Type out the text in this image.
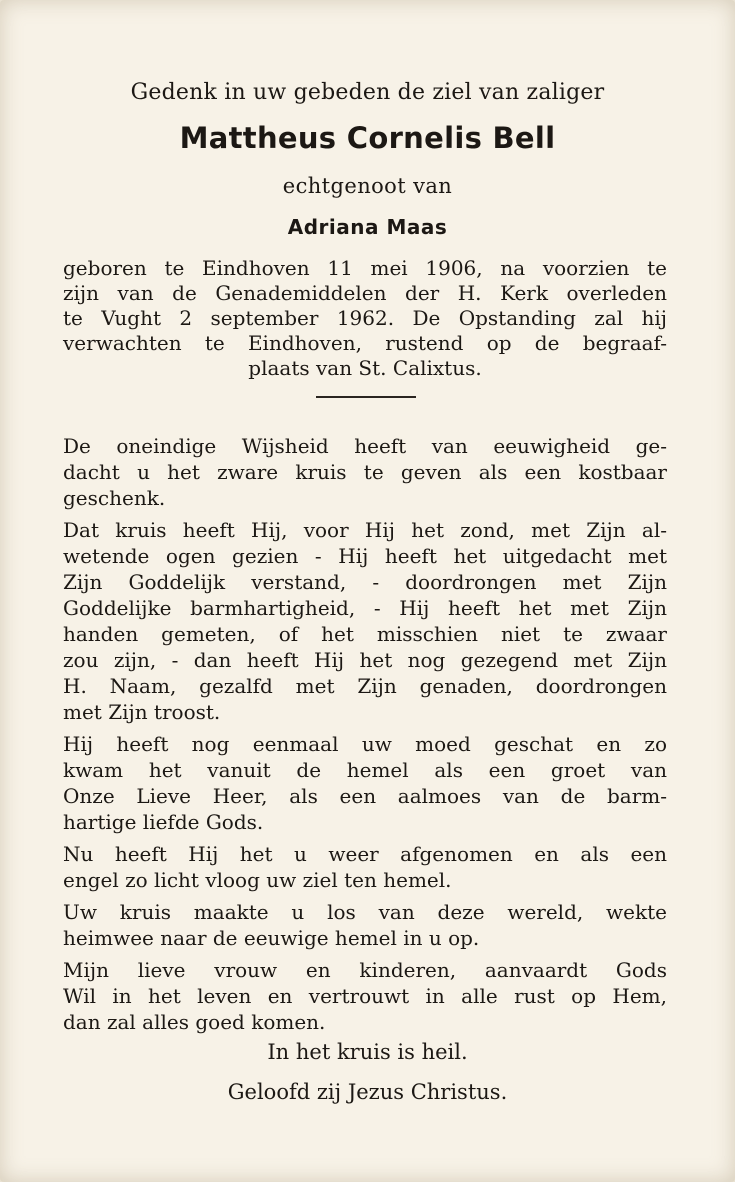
Gedenk in uw gebeden de ziel van zaliger
Mattheus Cornelis Bell
echtgenoot van
Adriana Maas
geboren te Eindhoven 11 mei 1906, na voorzien te
zijn van de Genademiddelen der H. Kerk overleden
te Vught 2 september 1962. De Opstanding zal hij
verwachten te Eindhoven, rustend op de begraaf-
plaats van St. Calixtus.
De oneindige Wijsheid heeft van eeuwigheid ge-
dacht u het zware kruis te geven als een kostbaar
geschenk.
Dat kruis heeft Hij, voor Hij het zond, met Zijn al-
wetende ogen gezien - Hij heeft het uitgedacht met
Zijn Goddelijk verstand, - doordrongen met Zijn
Goddelijke barmhartigheid, - Hij heeft het met Zijn
handen gemeten, of het misschien niet te zwaar
zou zijn, - dan heeft Hij het nog gezegend met Zijn
H. Naam, gezalfd met Zijn genaden, doordrongen
met Zijn troost.
Hij heeft nog eenmaal uw moed geschat en zo
kwam het vanuit de hemel als een groet van
Onze Lieve Heer, als een aalmoes van de barm-
hartige liefde Gods.
Nu heeft Hij het u weer afgenomen en als een
engel zo licht vloog uw ziel ten hemel.
Uw kruis maakte u los van deze wereld, wekte
heimwee naar de eeuwige hemel in u op.
Mijn lieve vrouw en kinderen, aanvaardt Gods
Wil in het leven en vertrouwt in alle rust op Hem,
dan zal alles goed komen.
In het kruis is heil.
Geloofd zij Jezus Christus.
